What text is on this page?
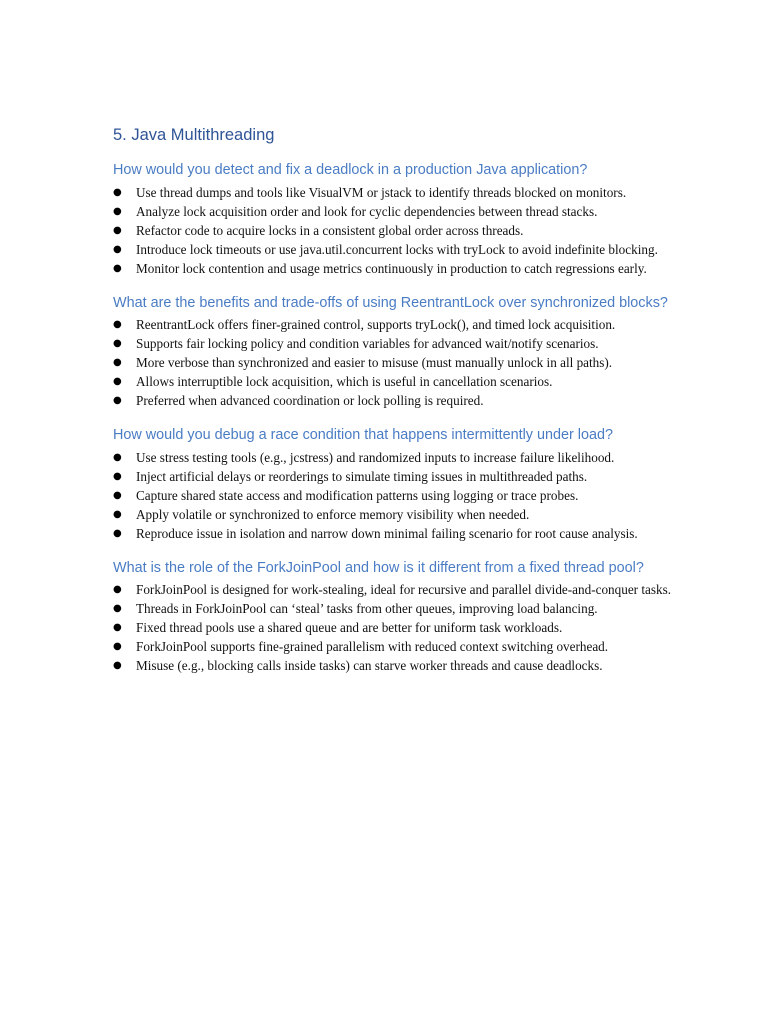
5. Java Multithreading
How would you detect and fix a deadlock in a production Java application?
● Use thread dumps and tools like VisualVM or jstack to identify threads blocked on monitors.
● Analyze lock acquisition order and look for cyclic dependencies between thread stacks.
● Refactor code to acquire locks in a consistent global order across threads.
● Introduce lock timeouts or use java.util.concurrent locks with tryLock to avoid indefinite blocking.
● Monitor lock contention and usage metrics continuously in production to catch regressions early.
What are the benefits and trade-offs of using ReentrantLock over synchronized blocks?
● ReentrantLock offers finer-grained control, supports tryLock(), and timed lock acquisition.
● Supports fair locking policy and condition variables for advanced wait/notify scenarios.
● More verbose than synchronized and easier to misuse (must manually unlock in all paths).
● Allows interruptible lock acquisition, which is useful in cancellation scenarios.
● Preferred when advanced coordination or lock polling is required.
How would you debug a race condition that happens intermittently under load?
● Use stress testing tools (e.g., jcstress) and randomized inputs to increase failure likelihood.
● Inject artificial delays or reorderings to simulate timing issues in multithreaded paths.
● Capture shared state access and modification patterns using logging or trace probes.
● Apply volatile or synchronized to enforce memory visibility when needed.
● Reproduce issue in isolation and narrow down minimal failing scenario for root cause analysis.
What is the role of the ForkJoinPool and how is it different from a fixed thread pool?
● ForkJoinPool is designed for work-stealing, ideal for recursive and parallel divide-and-conquer tasks.
● Threads in ForkJoinPool can ‘steal’ tasks from other queues, improving load balancing.
● Fixed thread pools use a shared queue and are better for uniform task workloads.
● ForkJoinPool supports fine-grained parallelism with reduced context switching overhead.
● Misuse (e.g., blocking calls inside tasks) can starve worker threads and cause deadlocks.
